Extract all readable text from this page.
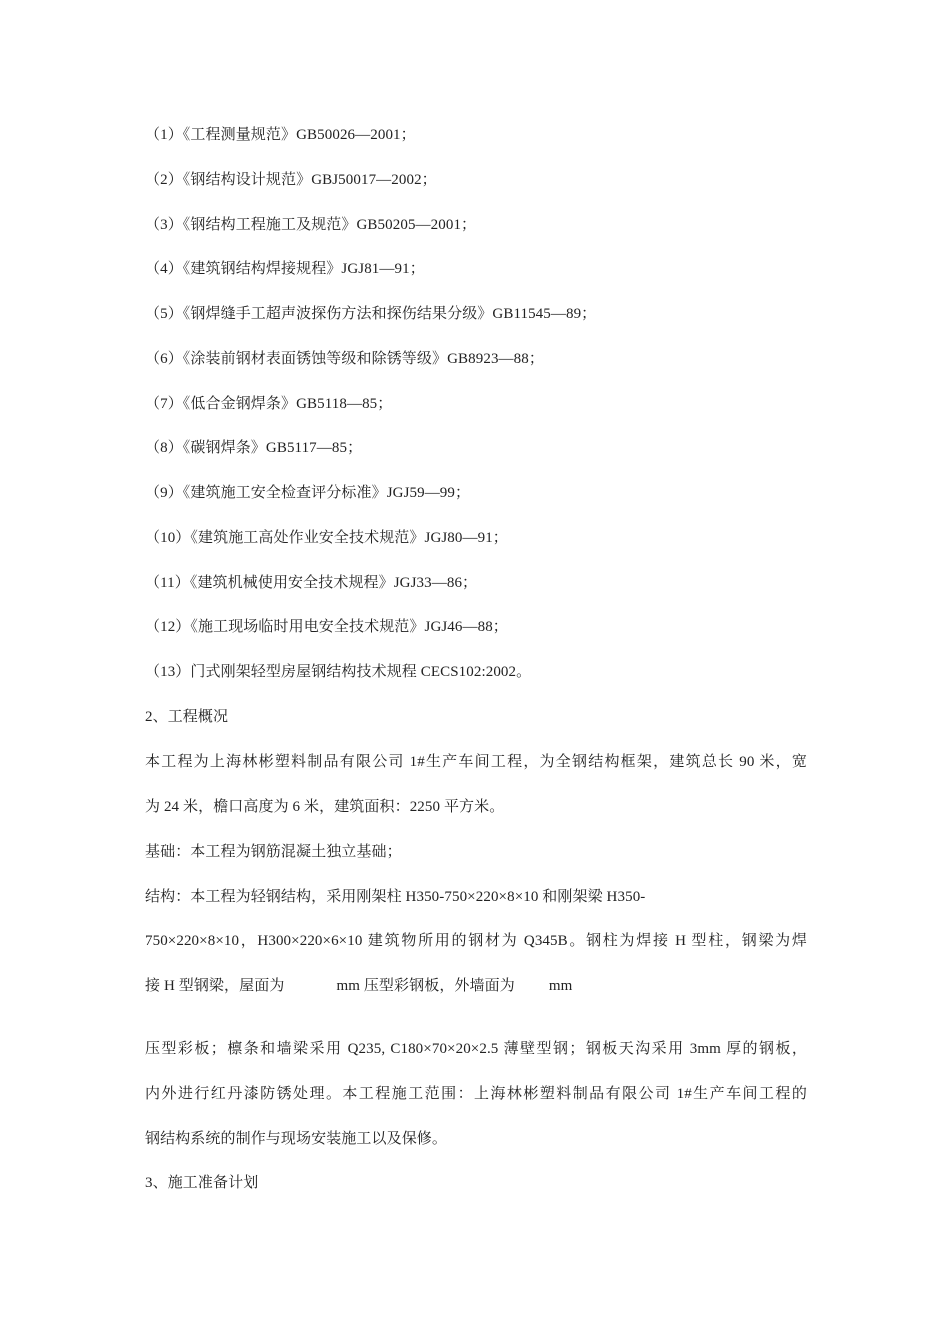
（1）《工程测量规范》GB50026—2001；
（2）《钢结构设计规范》GBJ50017—2002；
（3）《钢结构工程施工及规范》GB50205—2001；
（4）《建筑钢结构焊接规程》JGJ81—91；
（5）《钢焊缝手工超声波探伤方法和探伤结果分级》GB11545—89；
（6）《涂装前钢材表面锈蚀等级和除锈等级》GB8923—88；
（7）《低合金钢焊条》GB5118—85；
（8）《碳钢焊条》GB5117—85；
（9）《建筑施工安全检查评分标准》JGJ59—99；
（10）《建筑施工高处作业安全技术规范》JGJ80—91；
（11）《建筑机械使用安全技术规程》JGJ33—86；
（12）《施工现场临时用电安全技术规范》JGJ46—88；
（13）门式刚架轻型房屋钢结构技术规程 CECS102:2002。
2、工程概况
本工程为上海林彬塑料制品有限公司 1#生产车间工程，为全钢结构框架，建筑总长 90 米，宽
为 24 米，檐口高度为 6 米，建筑面积：2250 平方米。
基础：本工程为钢筋混凝土独立基础；
结构：本工程为轻钢结构，采用刚架柱 H350-750×220×8×10 和刚架梁 H350-
750×220×8×10，H300×220×6×10 建筑物所用的钢材为 Q345B。钢柱为焊接 H 型柱，钢梁为焊
接 H 型钢梁，屋面为	mm 压型彩钢板，外墙面为 mm
压型彩板；檩条和墙梁采用 Q235, C180×70×20×2.5 薄壁型钢；钢板天沟采用 3mm 厚的钢板，
内外进行红丹漆防锈处理。本工程施工范围：上海林彬塑料制品有限公司 1#生产车间工程的
钢结构系统的制作与现场安装施工以及保修。
3、施工准备计划
